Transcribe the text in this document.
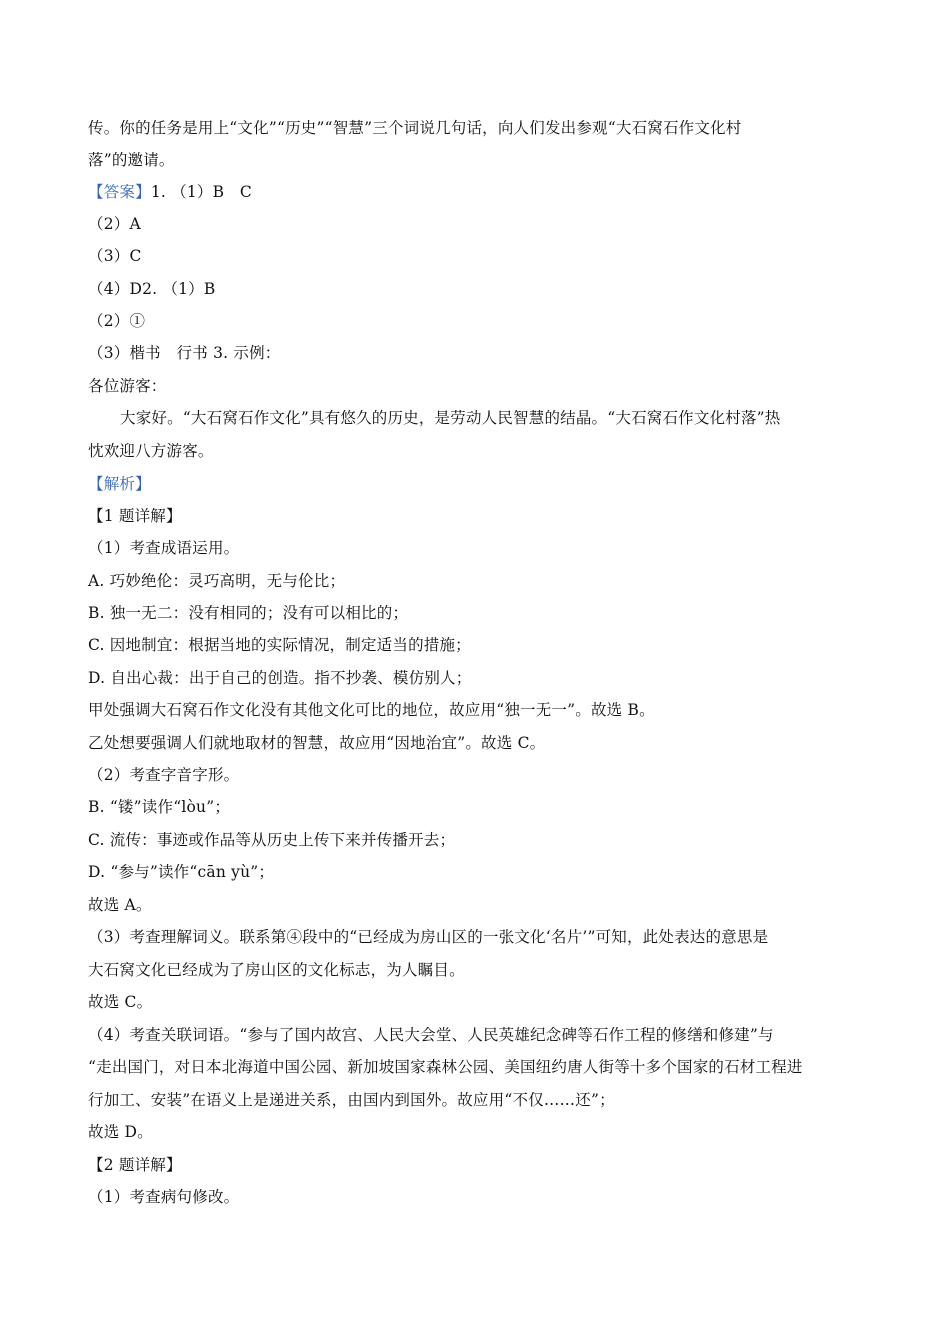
传。你的任务是用上“文化”“历史”“智慧”三个词说几句话，向人们发出参观“大石窝石作文化村
落”的邀请。
【答案】1. （1）B　C
（2）A
（3）C
（4）D2. （1）B
（2）①
（3）楷书　行书 3. 示例：
各位游客：
大家好。“大石窝石作文化”具有悠久的历史，是劳动人民智慧的结晶。“大石窝石作文化村落”热
忱欢迎八方游客。
【解析】
【1 题详解】
（1）考查成语运用。
A. 巧妙绝伦：灵巧高明，无与伦比；
B. 独一无二：没有相同的；没有可以相比的；
C. 因地制宜：根据当地的实际情况，制定适当的措施；
D. 自出心裁：出于自己的创造。指不抄袭、模仿别人；
甲处强调大石窝石作文化没有其他文化可比的地位，故应用“独一无一”。故选 B。
乙处想要强调人们就地取材的智慧，故应用“因地治宜”。故选 C。
（2）考查字音字形。
B. “镂”读作“lòu”；
C. 流传：事迹或作品等从历史上传下来并传播开去；
D. “参与”读作“cān yù”；
故选 A。
（3）考查理解词义。联系第④段中的“已经成为房山区的一张文化‘名片’”可知，此处表达的意思是
大石窝文化已经成为了房山区的文化标志，为人瞩目。
故选 C。
（4）考查关联词语。“参与了国内故宫、人民大会堂、人民英雄纪念碑等石作工程的修缮和修建”与
“走出国门，对日本北海道中国公园、新加坡国家森林公园、美国纽约唐人街等十多个国家的石材工程进
行加工、安装”在语义上是递进关系，由国内到国外。故应用“不仅……还”；
故选 D。
【2 题详解】
（1）考查病句修改。
